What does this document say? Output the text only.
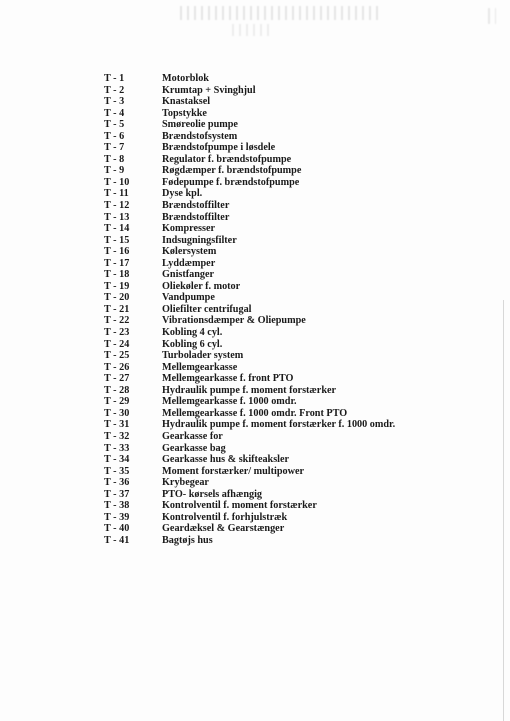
T - 1	Motorblok
T - 2	Krumtap + Svinghjul
T - 3	Knastaksel
T - 4	Topstykke
T - 5	Smøreolie pumpe
T - 6	Brændstofsystem
T - 7	Brændstofpumpe i løsdele
T - 8	Regulator f. brændstofpumpe
T - 9	Røgdæmper f. brændstofpumpe
T - 10	Fødepumpe f. brændstofpumpe
T - 11	Dyse kpl.
T - 12	Brændstoffilter
T - 13	Brændstoffilter
T - 14	Kompresser
T - 15	Indsugningsfilter
T - 16	Kølersystem
T - 17	Lyddæmper
T - 18	Gnistfanger
T - 19	Oliekøler f. motor
T - 20	Vandpumpe
T - 21	Oliefilter centrifugal
T - 22	Vibrationsdæmper & Oliepumpe
T - 23	Kobling 4 cyl.
T - 24	Kobling 6 cyl.
T - 25	Turbolader system
T - 26	Mellemgearkasse
T - 27	Mellemgearkasse f. front PTO
T - 28	Hydraulik pumpe f. moment forstærker
T - 29	Mellemgearkasse f. 1000 omdr.
T - 30	Mellemgearkasse f. 1000 omdr. Front PTO
T - 31	Hydraulik pumpe f. moment forstærker f. 1000 omdr.
T - 32	Gearkasse for
T - 33	Gearkasse bag
T - 34	Gearkasse hus & skifteaksler
T - 35	Moment forstærker/ multipower
T - 36	Krybegear
T - 37	PTO- kørsels afhængig
T - 38	Kontrolventil f. moment forstærker
T - 39	Kontrolventil f. forhjulstræk
T - 40	Geardæksel & Gearstænger
T - 41	Bagtøjs hus
